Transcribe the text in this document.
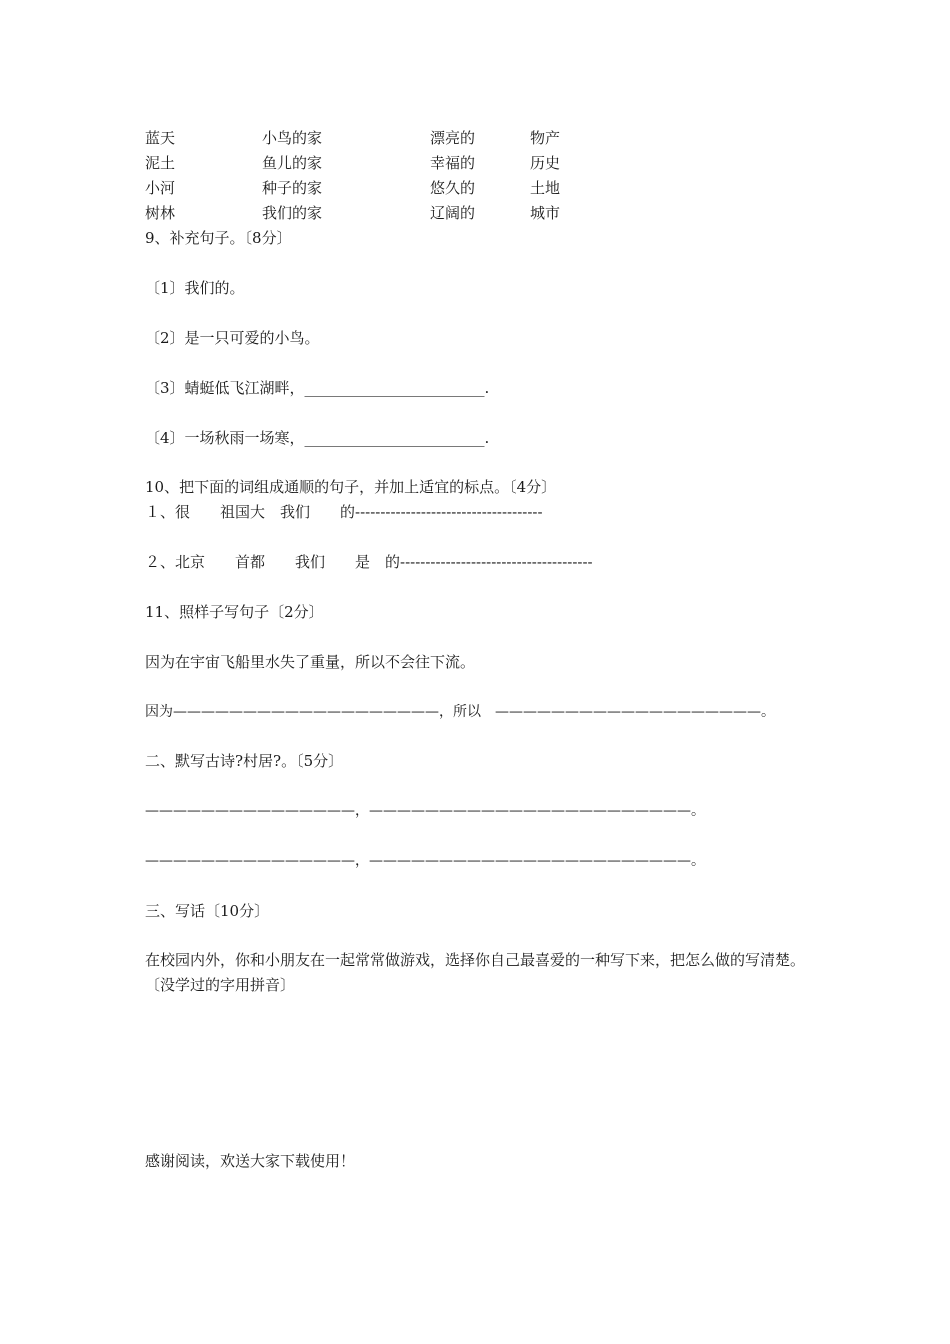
蓝天	小鸟的家	漂亮的	物产
泥土	鱼儿的家	幸福的	历史
小河	种子的家	悠久的	土地
树林	我们的家	辽阔的	城市
9、补充句子。〔8分〕
〔1〕我们的。
〔2〕是一只可爱的小鸟。
〔3〕蜻蜓低飞江湖畔，________________________.
〔4〕一场秋雨一场寒，________________________.
10、把下面的词组成通顺的句子，并加上适宜的标点。〔4分〕
１、很　　祖国大　我们　　的-------------------------------------
２、北京　　首都　　我们　　是　的--------------------------------------
11、照样子写句子〔2分〕
因为在宇宙飞船里水失了重量，所以不会往下流。
因为———————————————————，所以　———————————————————。
二、默写古诗?村居?。〔5分〕
———————————————，———————————————————————。
———————————————，———————————————————————。
三、写话〔10分〕
在校园内外，你和小朋友在一起常常做游戏，选择你自己最喜爱的一种写下来，把怎么做的写清楚。〔没学过的字用拼音〕
感谢阅读，欢送大家下载使用！
